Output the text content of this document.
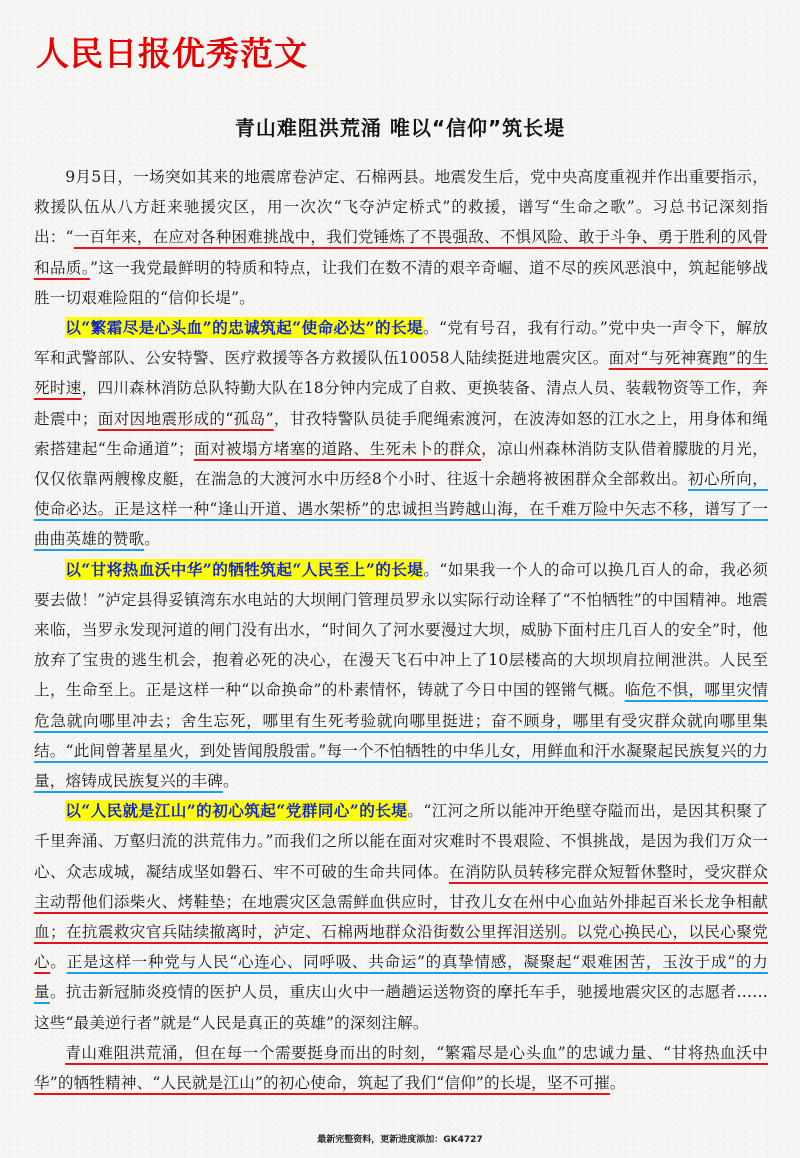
人民日报优秀范文
青山难阻洪荒涌 唯以“信仰”筑长堤

9月5日，一场突如其来的地震席卷泸定、石棉两县。地震发生后，党中央高度重视并作出重要指示，救援队伍从八方赶来驰援灾区，用一次次“飞夺泸定桥式”的救援，谱写“生命之歌”。习总书记深刻指出：“一百年来，在应对各种困难挑战中，我们党锤炼了不畏强敌、不惧风险、敢于斗争、勇于胜利的风骨和品质。”这一我党最鲜明的特质和特点，让我们在数不清的艰辛奇崛、道不尽的疾风恶浪中，筑起能够战胜一切艰难险阻的“信仰长堤”。

以“繁霜尽是心头血”的忠诚筑起“使命必达”的长堤。“党有号召，我有行动。”党中央一声令下，解放军和武警部队、公安特警、医疗救援等各方救援队伍10058人陆续挺进地震灾区。面对“与死神赛跑”的生死时速，四川森林消防总队特勤大队在18分钟内完成了自救、更换装备、清点人员、装载物资等工作，奔赴震中；面对因地震形成的“孤岛”，甘孜特警队员徒手爬绳索渡河，在波涛如怒的江水之上，用身体和绳索搭建起“生命通道”；面对被塌方堵塞的道路、生死未卜的群众，凉山州森林消防支队借着朦胧的月光，仅仅依靠两艘橡皮艇，在湍急的大渡河水中历经8个小时、往返十余趟将被困群众全部救出。初心所向，使命必达。正是这样一种“逢山开道、遇水架桥”的忠诚担当跨越山海，在千难万险中矢志不移，谱写了一曲曲英雄的赞歌。

以“甘将热血沃中华”的牺牲筑起“人民至上”的长堤。“如果我一个人的命可以换几百人的命，我必须要去做！”泸定县得妥镇湾东水电站的大坝闸门管理员罗永以实际行动诠释了“不怕牺牲”的中国精神。地震来临，当罗永发现河道的闸门没有出水，“时间久了河水要漫过大坝，威胁下面村庄几百人的安全”时，他放弃了宝贵的逃生机会，抱着必死的决心，在漫天飞石中冲上了10层楼高的大坝坝肩拉闸泄洪。人民至上，生命至上。正是这样一种“以命换命”的朴素情怀，铸就了今日中国的铿锵气概。临危不惧，哪里灾情危急就向哪里冲去；舍生忘死，哪里有生死考验就向哪里挺进；奋不顾身，哪里有受灾群众就向哪里集结。“此间曾著星星火，到处皆闻殷殷雷。”每一个不怕牺牲的中华儿女，用鲜血和汗水凝聚起民族复兴的力量，熔铸成民族复兴的丰碑。

以“人民就是江山”的初心筑起“党群同心”的长堤。“江河之所以能冲开绝壁夺隘而出，是因其积聚了千里奔涌、万壑归流的洪荒伟力。”而我们之所以能在面对灾难时不畏艰险、不惧挑战，是因为我们万众一心、众志成城，凝结成坚如磐石、牢不可破的生命共同体。在消防队员转移完群众短暂休整时，受灾群众主动帮他们添柴火、烤鞋垫；在地震灾区急需鲜血供应时，甘孜儿女在州中心血站外排起百米长龙争相献血；在抗震救灾官兵陆续撤离时，泸定、石棉两地群众沿街数公里挥泪送别。以党心换民心，以民心聚党心。正是这样一种党与人民“心连心、同呼吸、共命运”的真挚情感，凝聚起“艰难困苦，玉汝于成”的力量。抗击新冠肺炎疫情的医护人员，重庆山火中一趟趟运送物资的摩托车手，驰援地震灾区的志愿者……这些“最美逆行者”就是“人民是真正的英雄”的深刻注解。

青山难阻洪荒涌，但在每一个需要挺身而出的时刻，“繁霜尽是心头血”的忠诚力量、“甘将热血沃中华”的牺牲精神、“人民就是江山”的初心使命，筑起了我们“信仰”的长堤，坚不可摧。

最新完整资料，更新进度添加：GK4727
